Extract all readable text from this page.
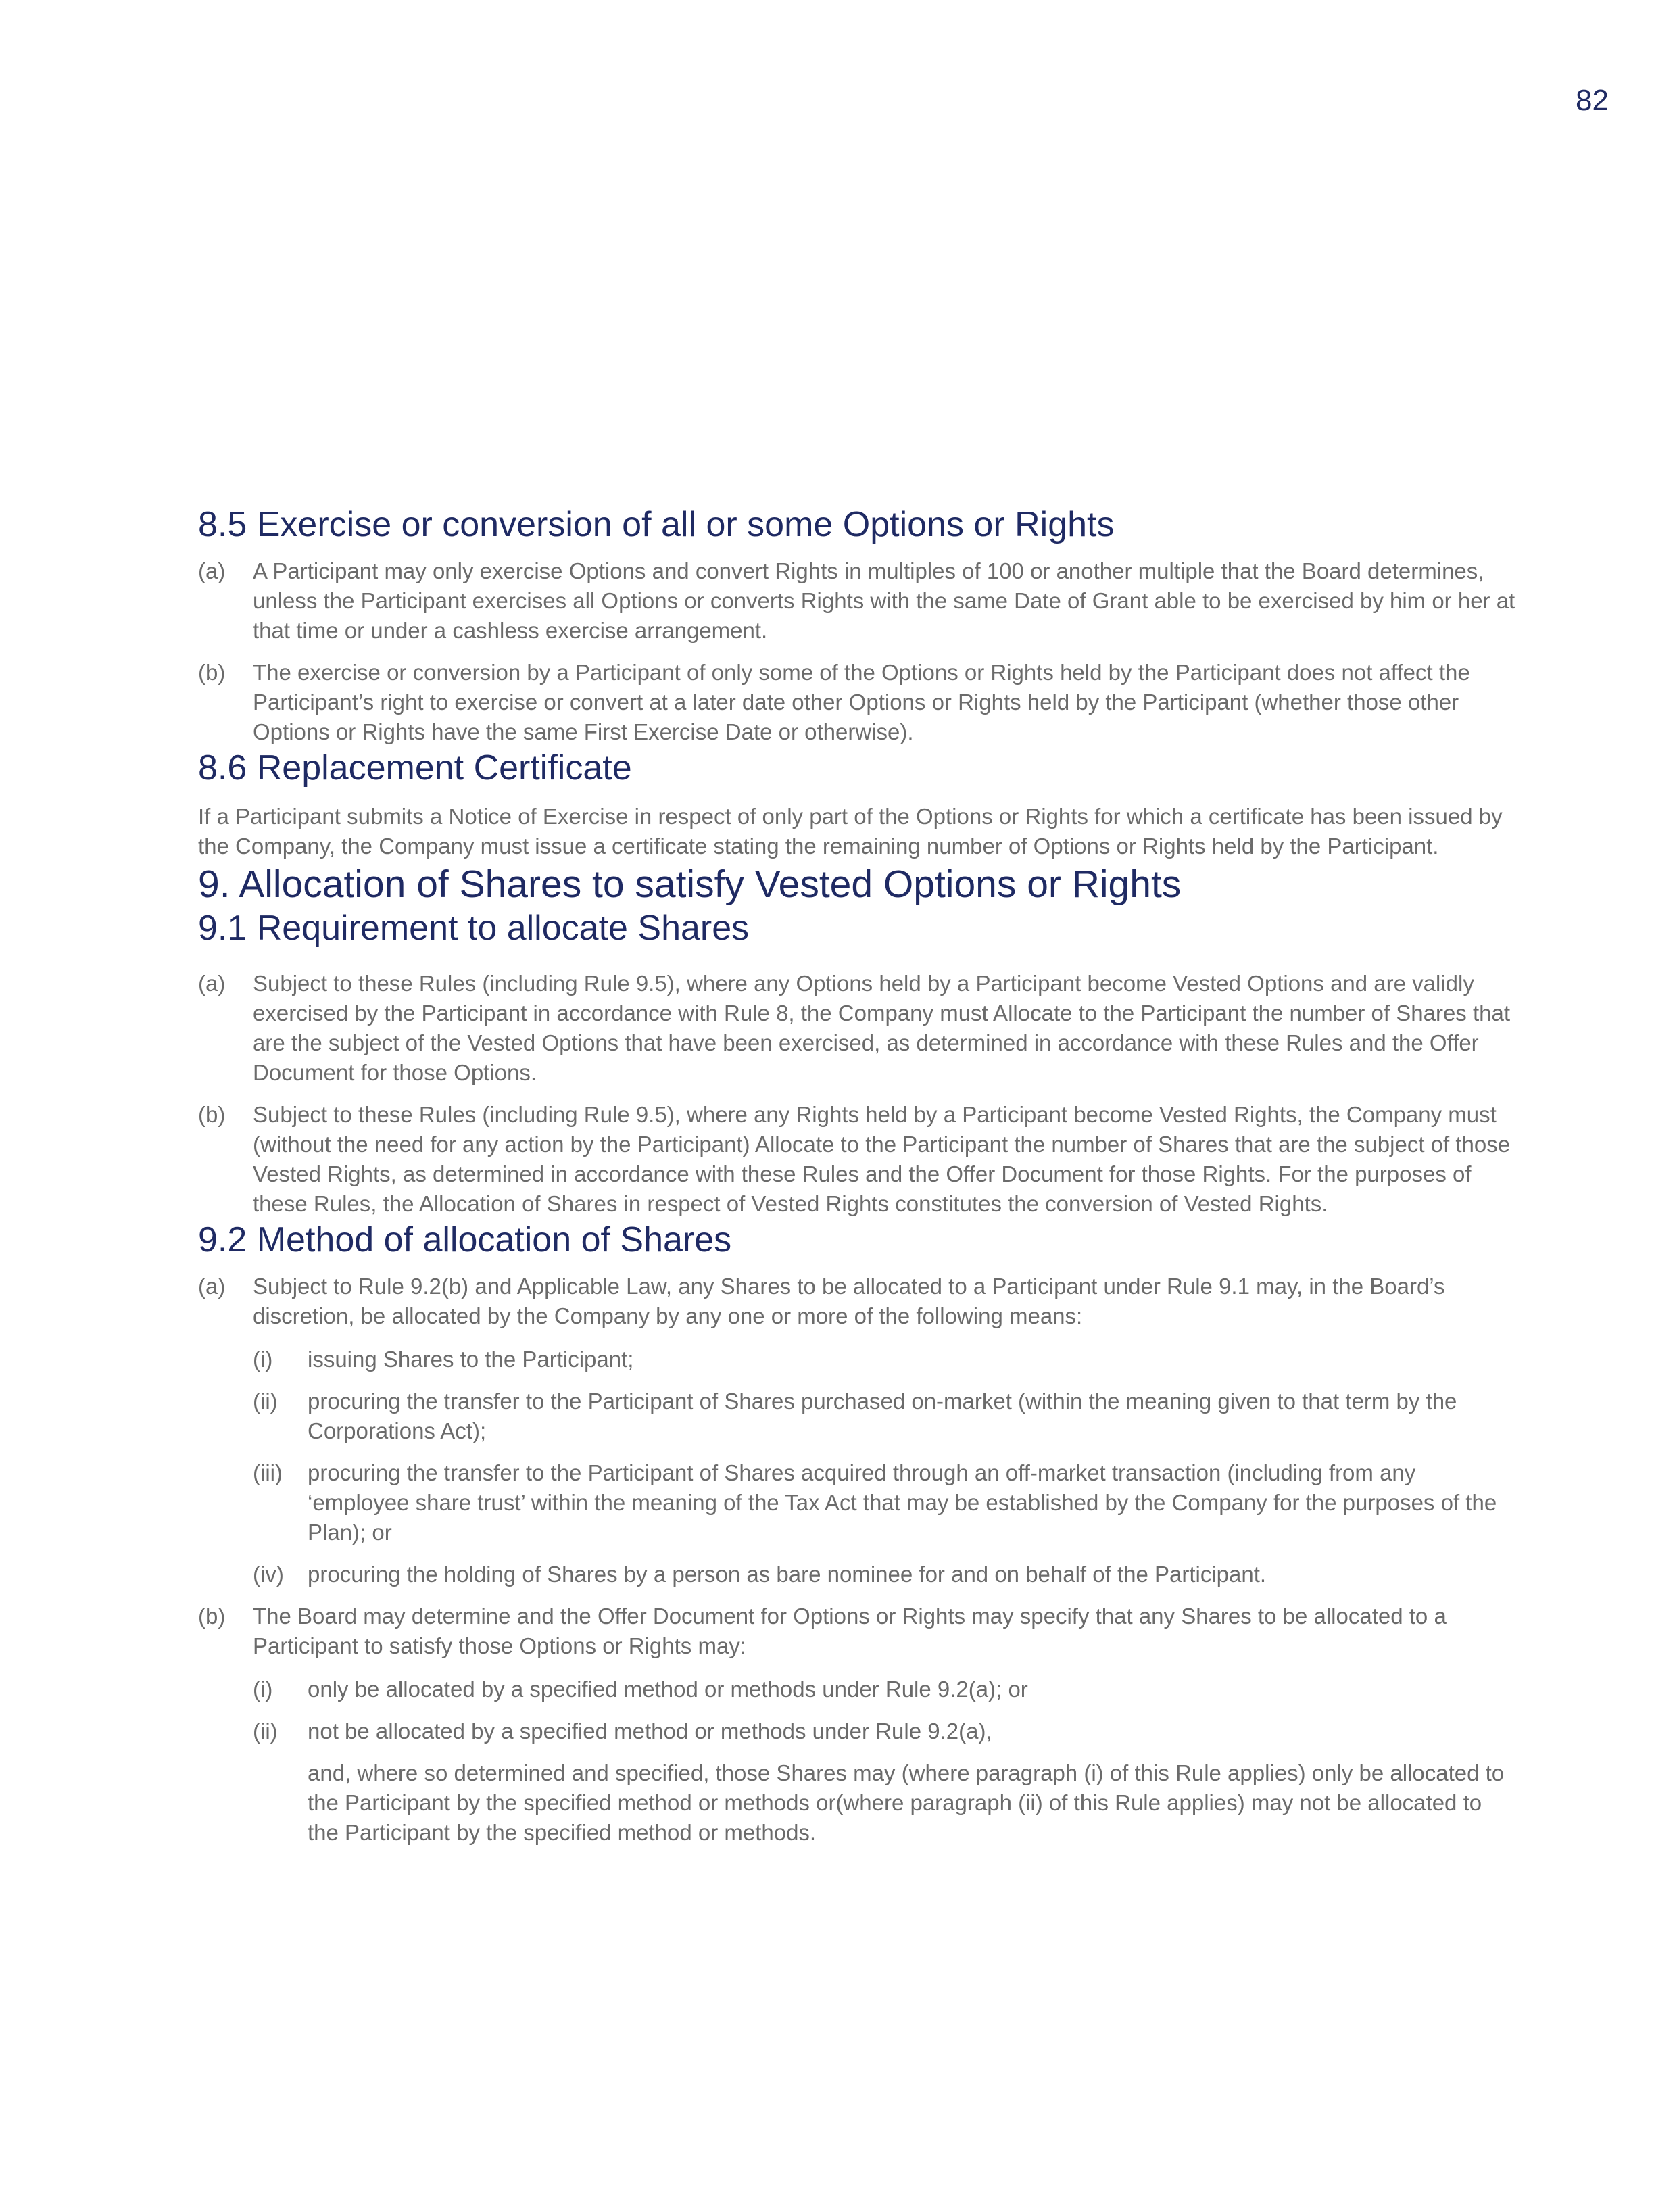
82
8.5 Exercise or conversion of all or some Options or Rights
(a)	A Participant may only exercise Options and convert Rights in multiples of 100 or another multiple that the Board determines, unless the Participant exercises all Options or converts Rights with the same Date of Grant able to be exercised by him or her at that time or under a cashless exercise arrangement.
(b)	The exercise or conversion by a Participant of only some of the Options or Rights held by the Participant does not affect the Participant’s right to exercise or convert at a later date other Options or Rights held by the Participant (whether those other Options or Rights have the same First Exercise Date or otherwise).
8.6 Replacement Certificate

If a Participant submits a Notice of Exercise in respect of only part of the Options or Rights for which a certificate has been issued by the Company, the Company must issue a certificate stating the remaining number of Options or Rights held by the Participant.

9. Allocation of Shares to satisfy Vested Options or Rights
9.1 Requirement to allocate Shares
(a)	Subject to these Rules (including Rule 9.5), where any Options held by a Participant become Vested Options and are validly exercised by the Participant in accordance with Rule 8, the Company must Allocate to the Participant the number of Shares that are the subject of the Vested Options that have been exercised, as determined in accordance with these Rules and the Offer Document for those Options.
(b)	Subject to these Rules (including Rule 9.5), where any Rights held by a Participant become Vested Rights, the Company must (without the need for any action by the Participant) Allocate to the Participant the number of Shares that are the subject of those Vested Rights, as determined in accordance with these Rules and the Offer Document for those Rights. For the purposes of these Rules, the Allocation of Shares in respect of Vested Rights constitutes the conversion of Vested Rights.
9.2 Method of allocation of Shares
(a)	Subject to Rule 9.2(b) and Applicable Law, any Shares to be allocated to a Participant under Rule 9.1 may, in the Board’s discretion, be allocated by the Company by any one or more of the following means:
(i)	issuing Shares to the Participant;
(ii)	procuring the transfer to the Participant of Shares purchased on-market (within the meaning given to that term by the Corporations Act);
(iii)	procuring the transfer to the Participant of Shares acquired through an off-market transaction (including from any ‘employee share trust’ within the meaning of the Tax Act that may be established by the Company for the purposes of the Plan); or
(iv)	procuring the holding of Shares by a person as bare nominee for and on behalf of the Participant.
(b)	The Board may determine and the Offer Document for Options or Rights may specify that any Shares to be allocated to a Participant to satisfy those Options or Rights may:
(i)	only be allocated by a specified method or methods under Rule 9.2(a); or
(ii)	not be allocated by a specified method or methods under Rule 9.2(a),
and, where so determined and specified, those Shares may (where paragraph (i) of this Rule applies) only be allocated to the Participant by the specified method or methods or(where paragraph (ii) of this Rule applies) may not be allocated to the Participant by the specified method or methods.
